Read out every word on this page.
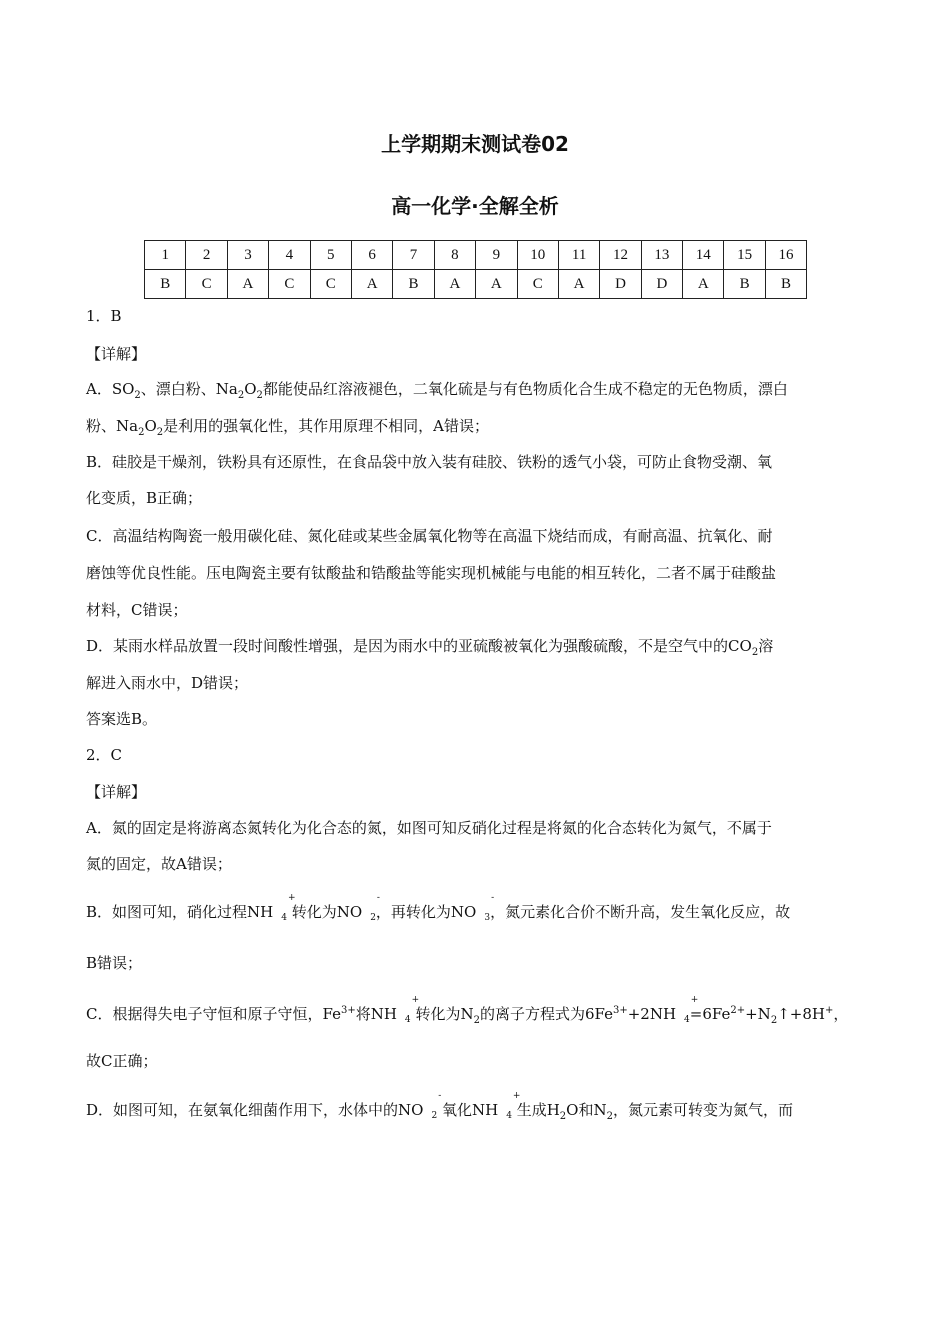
上学期期末测试卷02
高一化学·全解全析
1	2	3	4	5	6	7	8	9	10	11	12	13	14	15	16
B	C	A	C	C	A	B	A	A	C	A	D	D	A	B	B
1．B
【详解】
A．$SO_2$、漂白粉、$Na_2O_2$都能使品红溶液褪色，二氧化硫是与有色物质化合生成不稳定的无色物质，漂白
粉、$Na_2O_2$是利用的强氧化性，其作用原理不相同，A错误；
B．硅胶是干燥剂，铁粉具有还原性，在食品袋中放入装有硅胶、铁粉的透气小袋，可防止食物受潮、氧
化变质，B正确；
C．高温结构陶瓷一般用碳化硅、氮化硅或某些金属氧化物等在高温下烧结而成，有耐高温、抗氧化、耐
磨蚀等优良性能。压电陶瓷主要有钛酸盐和锆酸盐等能实现机械能与电能的相互转化，二者不属于硅酸盐
材料，C错误；
D．某雨水样品放置一段时间酸性增强，是因为雨水中的亚硫酸被氧化为强酸硫酸，不是空气中的$CO_2$溶
解进入雨水中，D错误；
答案选B。
2．C
【详解】
A．氮的固定是将游离态氮转化为化合态的氮，如图可知反硝化过程是将氮的化合态转化为氮气，不属于
氮的固定，故A错误；
B．如图可知，硝化过程NH
+
$_4$ 转化为NO
-
$_2$，再转化为NO
-
$_3$，氮元素化合价不断升高，发生氧化反应，故
B错误；
C．根据得失电子守恒和原子守恒，$Fe^{3+}$将NH
+
$_4$ 转化为$N_2$的离子方程式为$6Fe^{3+}+2NH$
+
$_4=6Fe^{2+}+N_2↑+8H^+$，
故C正确；
D．如图可知，在氨氧化细菌作用下，水体中的NO
-
$_2$ 氧化NH
+
$_4$ 生成$H_2O$和$N_2$，氮元素可转变为氮气，而
